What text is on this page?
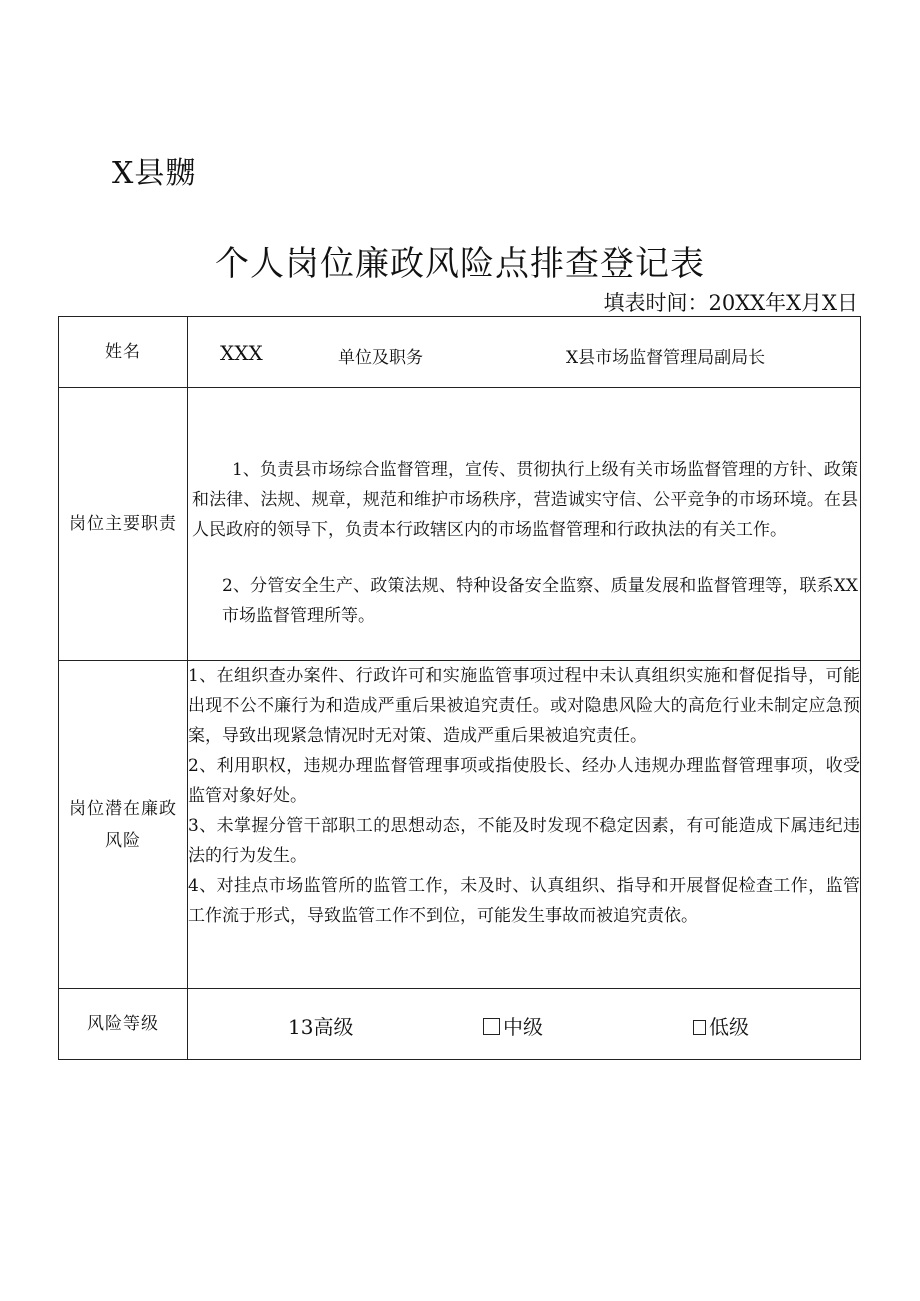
X县嬲
个人岗位廉政风险点排查登记表
填表时间：20XX年X月X日
姓名	XXX 单位及职务 X县市场监督管理局副局长

岗位主要职责	1、负责县市场综合监督管理，宣传、贯彻执行上级有关市场监督管理的方针、政策和法律、法规、规章，规范和维护市场秩序，营造诚实守信、公平竞争的市场环境。在县人民政府的领导下，负责本行政辖区内的市场监督管理和行政执法的有关工作。

2、分管安全生产、政策法规、特种设备安全监察、质量发展和监督管理等，联系XX市场监督管理所等。

岗位潜在廉政风险	1、在组织查办案件、行政许可和实施监管事项过程中未认真组织实施和督促指导，可能出现不公不廉行为和造成严重后果被追究责任。或对隐患风险大的高危行业未制定应急预案，导致出现紧急情况时无对策、造成严重后果被追究责任。

2、利用职权，违规办理监督管理事项或指使股长、经办人违规办理监督管理事项，收受监管对象好处。

3、未掌握分管干部职工的思想动态，不能及时发现不稳定因素，有可能造成下属违纪违法的行为发生。

4、对挂点市场监管所的监管工作，未及时、认真组织、指导和开展督促检查工作，监管工作流于形式，导致监管工作不到位，可能发生事故而被追究责依。

风险等级	13高级 中级 低级
